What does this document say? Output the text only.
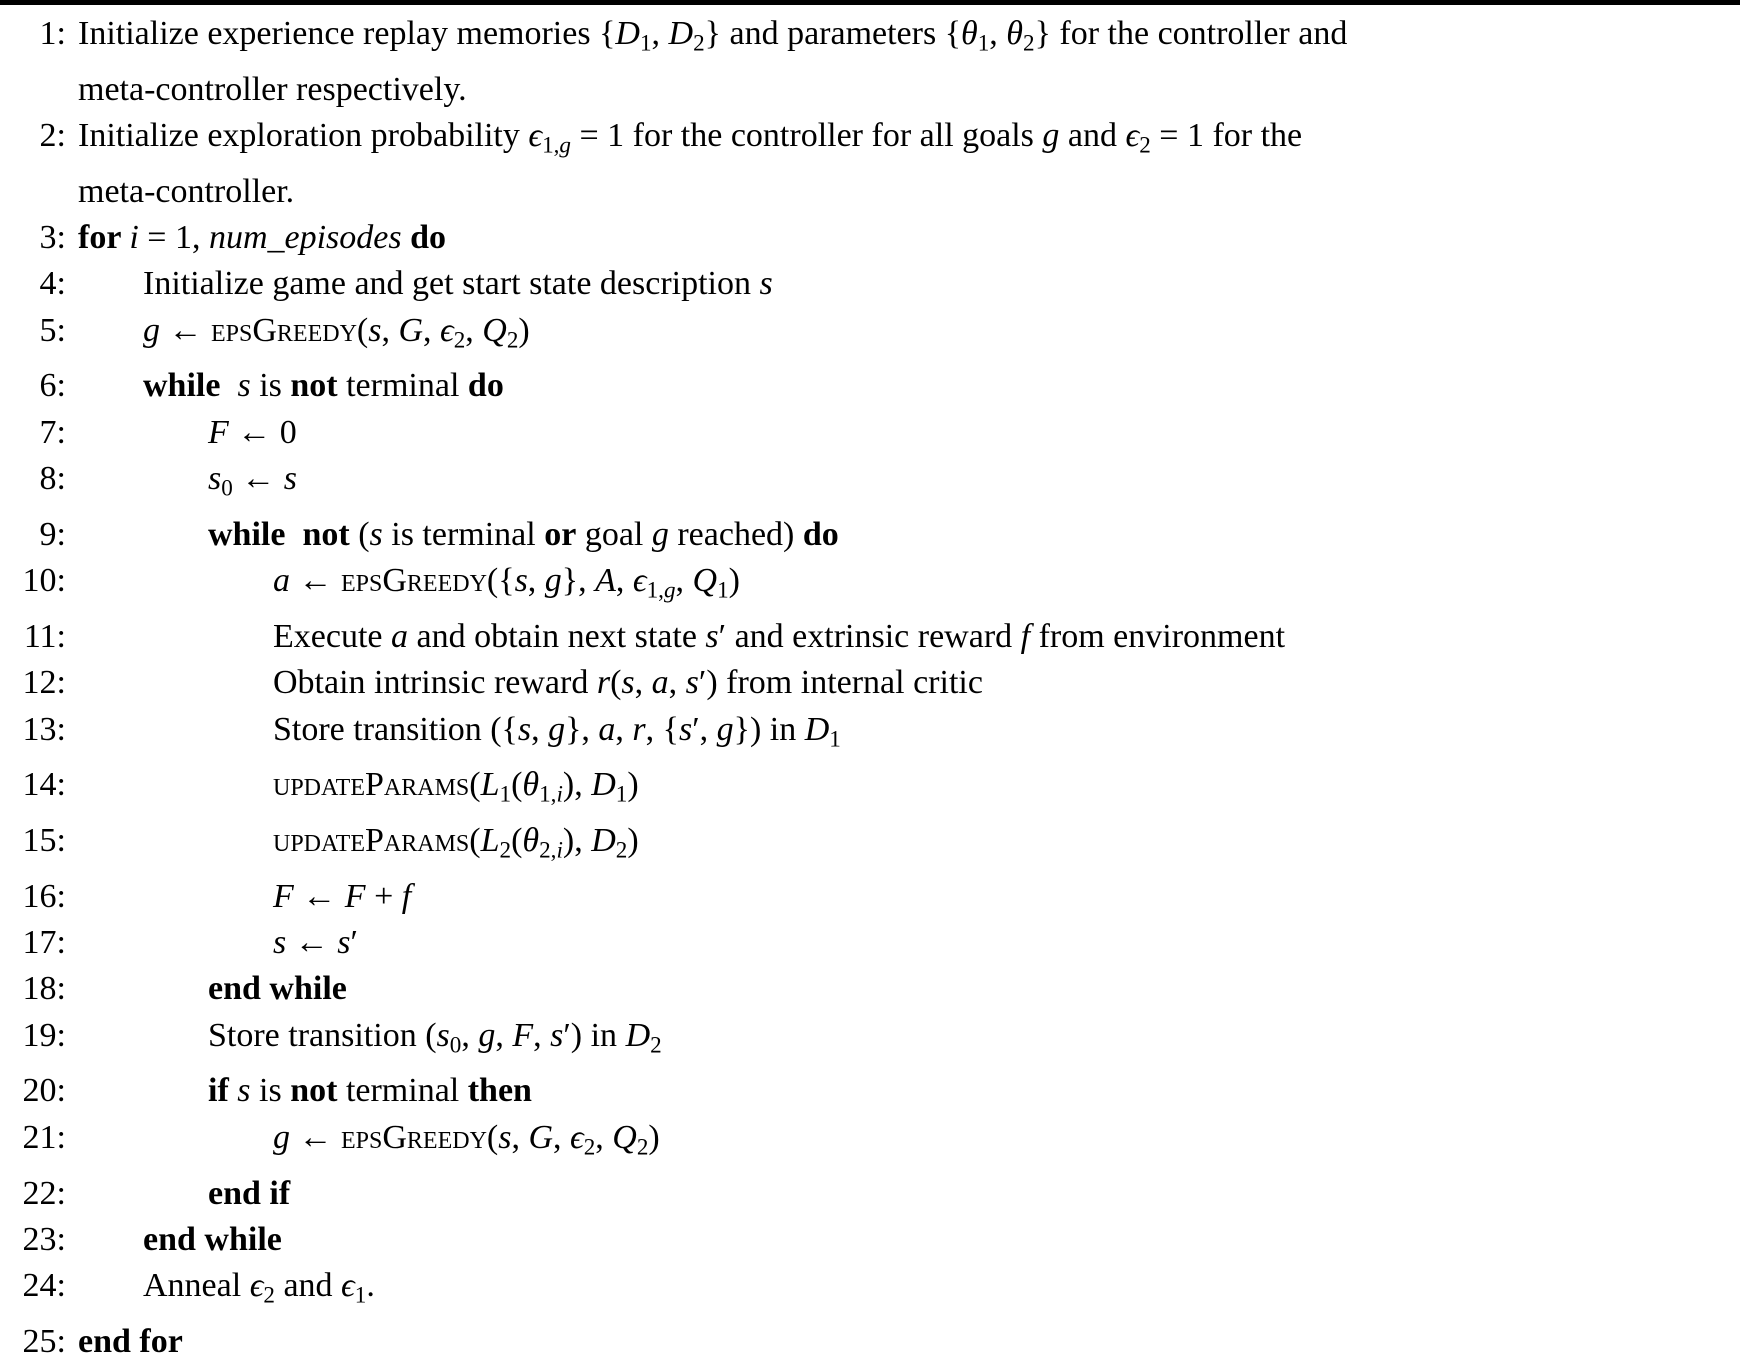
1: Initialize experience replay memories {D1, D2} and parameters {θ1, θ2} for the controller and
meta-controller respectively.
2: Initialize exploration probability ϵ1,g = 1 for the controller for all goals g and ϵ2 = 1 for the
meta-controller.
3: for i = 1, num_episodes do
4:	Initialize game and get start state description s
5:	g ← epsGreedy(s, G, ϵ2, Q2)
6:	while s is not terminal do
7:	F ← 0
8:	s0 ← s
9:	while not (s is terminal or goal g reached) do
10:	a ← epsGreedy({s, g}, A, ϵ1,g, Q1)
11:	Execute a and obtain next state s′ and extrinsic reward f from environment
12:	Obtain intrinsic reward r(s, a, s′) from internal critic
13:	Store transition ({s, g}, a, r, {s′, g}) in D1
14:	updateParams(L1(θ1,i), D1)
15:	updateParams(L2(θ2,i), D2)
16:	F ← F + f
17:	s ← s′
18:	end while
19:	Store transition (s0, g, F, s′) in D2
20:	if s is not terminal then
21:	g ← epsGreedy(s, G, ϵ2, Q2)
22:	end if
23:	end while
24:	Anneal ϵ2 and ϵ1.
25: end for
